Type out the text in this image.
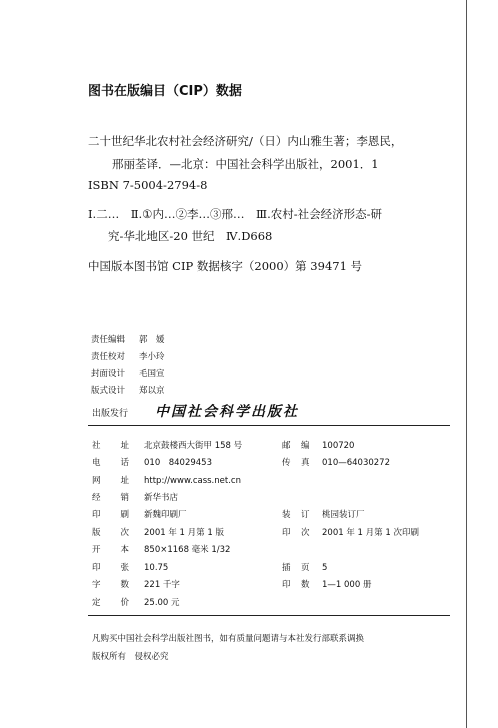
图书在版编目（CIP）数据
二十世纪华北农村社会经济研究/（日）内山雅生著；李恩民，
邢丽荃译．—北京：中国社会科学出版社，2001．1
ISBN 7-5004-2794-8
Ⅰ.二…　Ⅱ.①内…②李…③邢…　Ⅲ.农村-社会经济形态-研
究-华北地区-20 世纪　Ⅳ.D668
中国版本图书馆 CIP 数据核字（2000）第 39471 号
责任编辑 郭　媛
责任校对 李小玲
封面设计 毛国宣
版式设计 郑以京
出版发行 中国社会科学出版社
社　　址 北京鼓楼西大街甲 158 号	邮　编 100720
电　　话 010　84029453	传　真 010—64030272
网　　址 http://www.cass.net.cn
经　　销 新华书店
印　　刷 新魏印刷厂	装　订 桃园装订厂
版　　次 2001 年 1 月第 1 版	印　次 2001 年 1 月第 1 次印刷
开　　本 850×1168 毫米 1/32
印　　张 10.75	插　页 5
字　　数 221 千字	印　数 1—1 000 册
定　　价 25.00 元
凡购买中国社会科学出版社图书，如有质量问题请与本社发行部联系调换
版权所有　侵权必究
